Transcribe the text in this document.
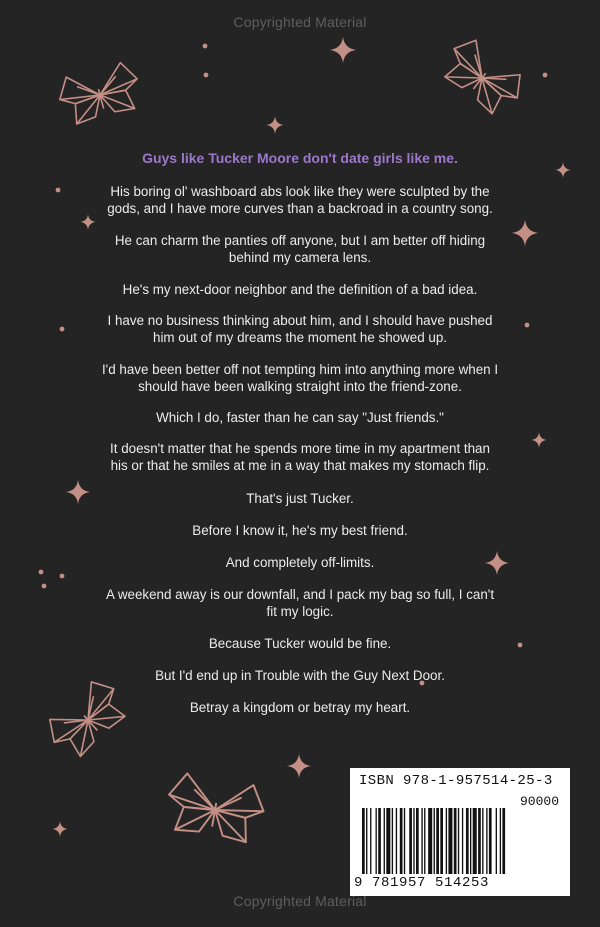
Copyrighted Material

Guys like Tucker Moore don't date girls like me.

His boring ol' washboard abs look like they were sculpted by the gods, and I have more curves than a backroad in a country song.

He can charm the panties off anyone, but I am better off hiding behind my camera lens.

He's my next-door neighbor and the definition of a bad idea.

I have no business thinking about him, and I should have pushed him out of my dreams the moment he showed up.

I'd have been better off not tempting him into anything more when I should have been walking straight into the friend-zone.

Which I do, faster than he can say "Just friends."

It doesn't matter that he spends more time in my apartment than his or that he smiles at me in a way that makes my stomach flip.

That's just Tucker.

Before I know it, he's my best friend.

And completely off-limits.

A weekend away is our downfall, and I pack my bag so full, I can't fit my logic.

Because Tucker would be fine.

But I'd end up in Trouble with the Guy Next Door.

Betray a kingdom or betray my heart.

ISBN 978-1-957514-25-3
90000
9 781957 514253
Copyrighted Material
